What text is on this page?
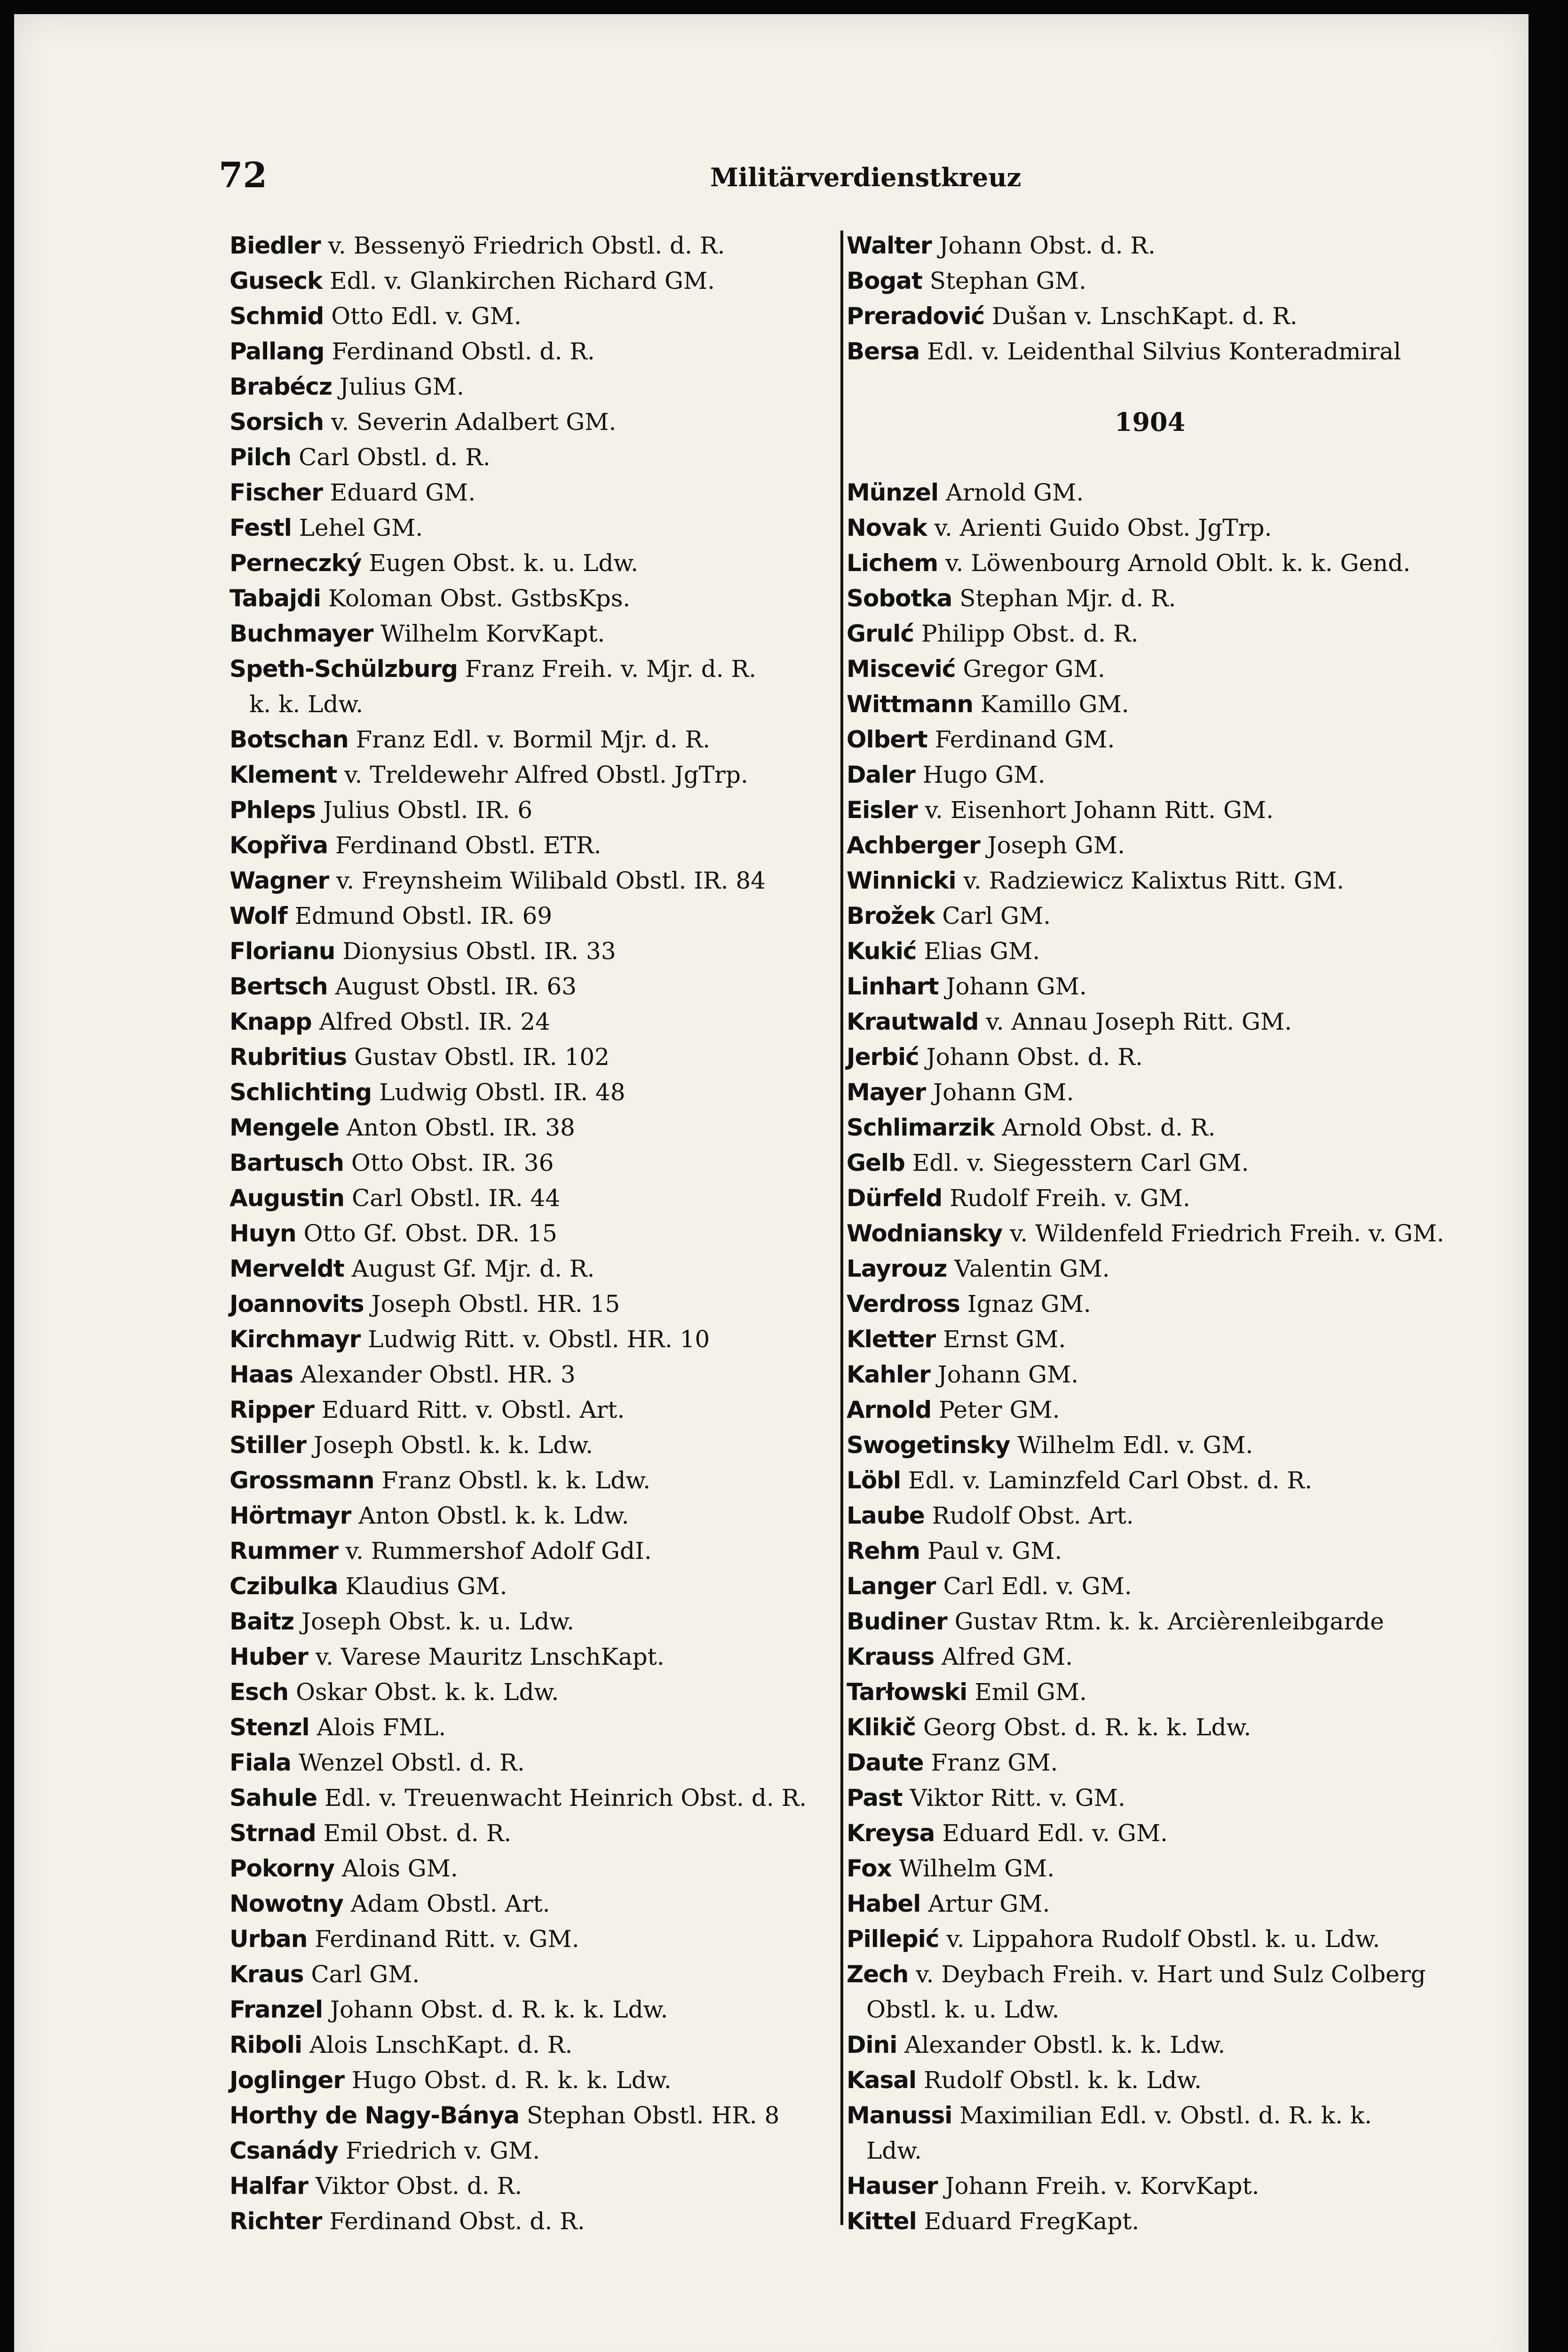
72	Militärverdienstkreuz
Biedler v. Bessenyö Friedrich Obstl. d. R.
Guseck Edl. v. Glankirchen Richard GM.
Schmid Otto Edl. v. GM.
Pallang Ferdinand Obstl. d. R.
Brabécz Julius GM.
Sorsich v. Severin Adalbert GM.
Pilch Carl Obstl. d. R.
Fischer Eduard GM.
Festl Lehel GM.
Perneczký Eugen Obst. k. u. Ldw.
Tabajdi Koloman Obst. GstbsKps.
Buchmayer Wilhelm KorvKapt.
Speth-Schülzburg Franz Freih. v. Mjr. d. R.
k. k. Ldw.
Botschan Franz Edl. v. Bormil Mjr. d. R.
Klement v. Treldewehr Alfred Obstl. JgTrp.
Phleps Julius Obstl. IR. 6
Kopřiva Ferdinand Obstl. ETR.
Wagner v. Freynsheim Wilibald Obstl. IR. 84
Wolf Edmund Obstl. IR. 69
Florianu Dionysius Obstl. IR. 33
Bertsch August Obstl. IR. 63
Knapp Alfred Obstl. IR. 24
Rubritius Gustav Obstl. IR. 102
Schlichting Ludwig Obstl. IR. 48
Mengele Anton Obstl. IR. 38
Bartusch Otto Obst. IR. 36
Augustin Carl Obstl. IR. 44
Huyn Otto Gf. Obst. DR. 15
Merveldt August Gf. Mjr. d. R.
Joannovits Joseph Obstl. HR. 15
Kirchmayr Ludwig Ritt. v. Obstl. HR. 10
Haas Alexander Obstl. HR. 3
Ripper Eduard Ritt. v. Obstl. Art.
Stiller Joseph Obstl. k. k. Ldw.
Grossmann Franz Obstl. k. k. Ldw.
Hörtmayr Anton Obstl. k. k. Ldw.
Rummer v. Rummershof Adolf GdI.
Czibulka Klaudius GM.
Baitz Joseph Obst. k. u. Ldw.
Huber v. Varese Mauritz LnschKapt.
Esch Oskar Obst. k. k. Ldw.
Stenzl Alois FML.
Fiala Wenzel Obstl. d. R.
Sahule Edl. v. Treuenwacht Heinrich Obst. d. R.
Strnad Emil Obst. d. R.
Pokorny Alois GM.
Nowotny Adam Obstl. Art.
Urban Ferdinand Ritt. v. GM.
Kraus Carl GM.
Franzel Johann Obst. d. R. k. k. Ldw.
Riboli Alois LnschKapt. d. R.
Joglinger Hugo Obst. d. R. k. k. Ldw.
Horthy de Nagy-Bánya Stephan Obstl. HR. 8
Csanády Friedrich v. GM.
Halfar Viktor Obst. d. R.
Richter Ferdinand Obst. d. R.
Walter Johann Obst. d. R.
Bogat Stephan GM.
Preradović Dušan v. LnschKapt. d. R.
Bersa Edl. v. Leidenthal Silvius Konteradmiral
1904
Münzel Arnold GM.
Novak v. Arienti Guido Obst. JgTrp.
Lichem v. Löwenbourg Arnold Oblt. k. k. Gend.
Sobotka Stephan Mjr. d. R.
Grulć Philipp Obst. d. R.
Miscević Gregor GM.
Wittmann Kamillo GM.
Olbert Ferdinand GM.
Daler Hugo GM.
Eisler v. Eisenhort Johann Ritt. GM.
Achberger Joseph GM.
Winnicki v. Radziewicz Kalixtus Ritt. GM.
Brožek Carl GM.
Kukić Elias GM.
Linhart Johann GM.
Krautwald v. Annau Joseph Ritt. GM.
Jerbić Johann Obst. d. R.
Mayer Johann GM.
Schlimarzik Arnold Obst. d. R.
Gelb Edl. v. Siegesstern Carl GM.
Dürfeld Rudolf Freih. v. GM.
Wodniansky v. Wildenfeld Friedrich Freih. v. GM.
Layrouz Valentin GM.
Verdross Ignaz GM.
Kletter Ernst GM.
Kahler Johann GM.
Arnold Peter GM.
Swogetinsky Wilhelm Edl. v. GM.
Löbl Edl. v. Laminzfeld Carl Obst. d. R.
Laube Rudolf Obst. Art.
Rehm Paul v. GM.
Langer Carl Edl. v. GM.
Budiner Gustav Rtm. k. k. Arcièrenleibgarde
Krauss Alfred GM.
Tarłowski Emil GM.
Klikič Georg Obst. d. R. k. k. Ldw.
Daute Franz GM.
Past Viktor Ritt. v. GM.
Kreysa Eduard Edl. v. GM.
Fox Wilhelm GM.
Habel Artur GM.
Pillepić v. Lippahora Rudolf Obstl. k. u. Ldw.
Zech v. Deybach Freih. v. Hart und Sulz Colberg
Obstl. k. u. Ldw.
Dini Alexander Obstl. k. k. Ldw.
Kasal Rudolf Obstl. k. k. Ldw.
Manussi Maximilian Edl. v. Obstl. d. R. k. k.
Ldw.
Hauser Johann Freih. v. KorvKapt.
Kittel Eduard FregKapt.
